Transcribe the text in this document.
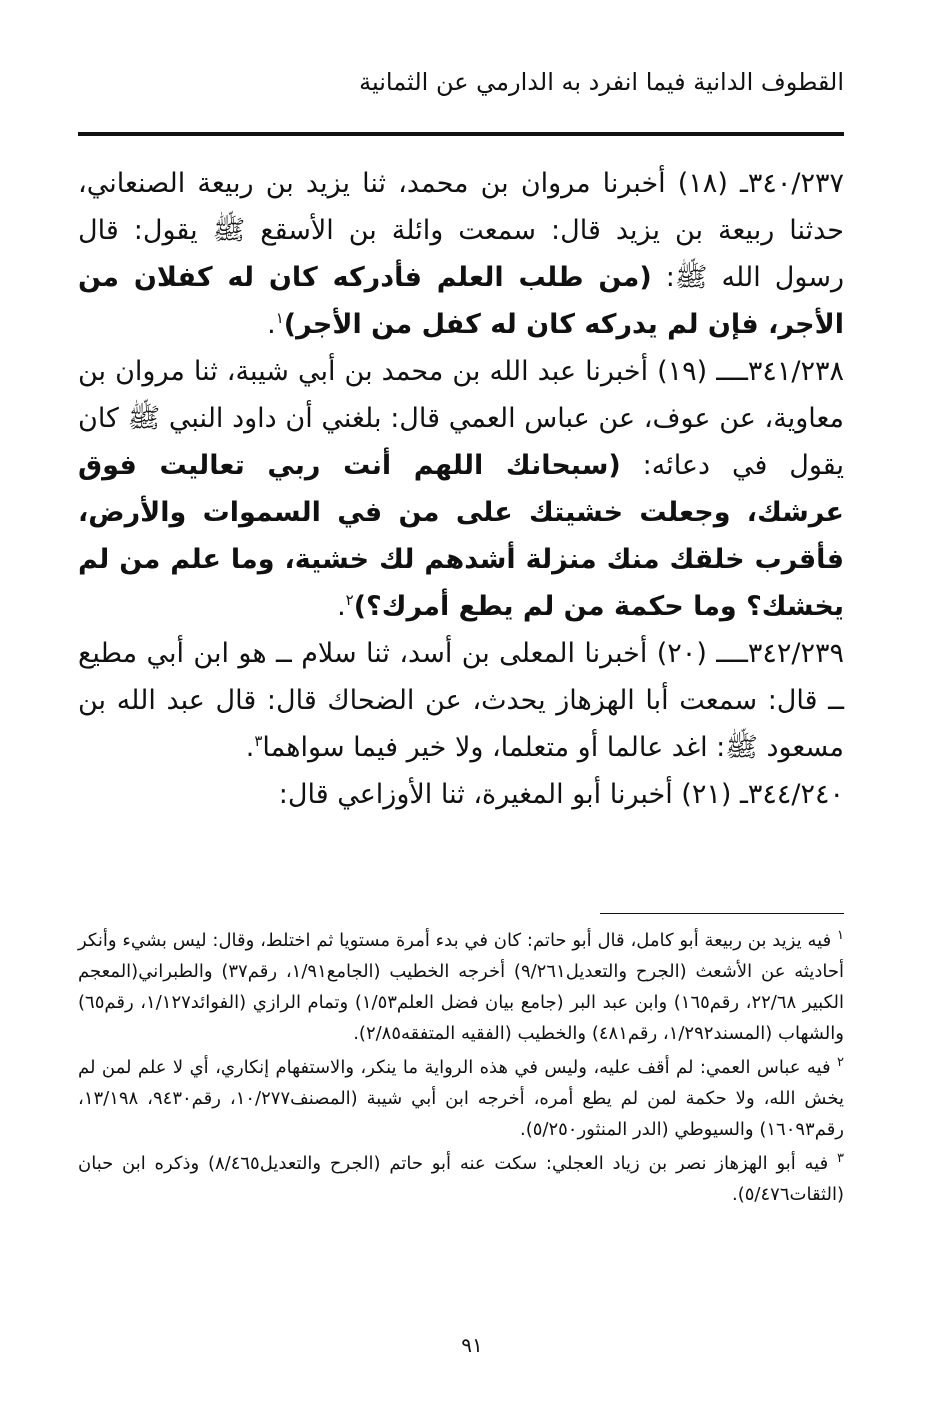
القطوف الدانية فيما انفرد به الدارمي عن الثمانية

٣٤٠/٢٣٧ـ (١٨) أخبرنا مروان بن محمد، ثنا يزيد بن ربيعة الصنعاني، حدثنا ربيعة بن يزيد قال: سمعت وائلة بن الأسقع ﷺ يقول: قال رسول الله ﷺ: (من طلب العلم فأدركه كان له كفلان من الأجر، فإن لم يدركه كان له كفل من الأجر)$^١$.

٣٤١/٢٣٨ــــ (١٩) أخبرنا عبد الله بن محمد بن أبي شيبة، ثنا مروان بن معاوية، عن عوف، عن عباس العمي قال: بلغني أن داود النبي ﷺ كان يقول في دعائه: (سبحانك اللهم أنت ربي تعاليت فوق عرشك، وجعلت خشيتك على من في السموات والأرض، فأقرب خلقك منك منزلة أشدهم لك خشية، وما علم من لم يخشك؟ وما حكمة من لم يطع أمرك؟)$^٢$.

٣٤٢/٢٣٩ــــ (٢٠) أخبرنا المعلى بن أسد، ثنا سلام ــ هو ابن أبي مطيع ــ قال: سمعت أبا الهزهاز يحدث، عن الضحاك قال: قال عبد الله بن مسعود ﷺ: اغد عالما أو متعلما، ولا خير فيما سواهما$^٣$.

٣٤٤/٢٤٠ـ (٢١) أخبرنا أبو المغيرة، ثنا الأوزاعي قال:

$^١$ فيه يزيد بن ربيعة أبو كامل، قال أبو حاتم: كان في بدء أمرة مستويا ثم اختلط، وقال: ليس بشيء وأنكر أحاديثه عن الأشعث (الجرح والتعديل٩/٢٦١) أخرجه الخطيب (الجامع١/٩١، رقم٣٧) والطبراني(المعجم الكبير ٢٢/٦٨، رقم١٦٥) وابن عبد البر (جامع بيان فضل العلم١/٥٣) وتمام الرازي (الفوائد١/١٢٧، رقم٦٥) والشهاب (المسند١/٢٩٢، رقم٤٨١) والخطيب (الفقيه المتفقه٢/٨٥).

$^٢$ فيه عباس العمي: لم أقف عليه، وليس في هذه الرواية ما ينكر، والاستفهام إنكاري، أي لا علم لمن لم يخش الله، ولا حكمة لمن لم يطع أمره، أخرجه ابن أبي شيبة (المصنف١٠/٢٧٧، رقم٩٤٣٠، ١٣/١٩٨، رقم١٦٠٩٣) والسيوطي (الدر المنثور٥/٢٥٠).

$^٣$ فيه أبو الهزهاز نصر بن زياد العجلي: سكت عنه أبو حاتم (الجرح والتعديل٨/٤٦٥) وذكره ابن حبان (الثقات٥/٤٧٦).

٩١
